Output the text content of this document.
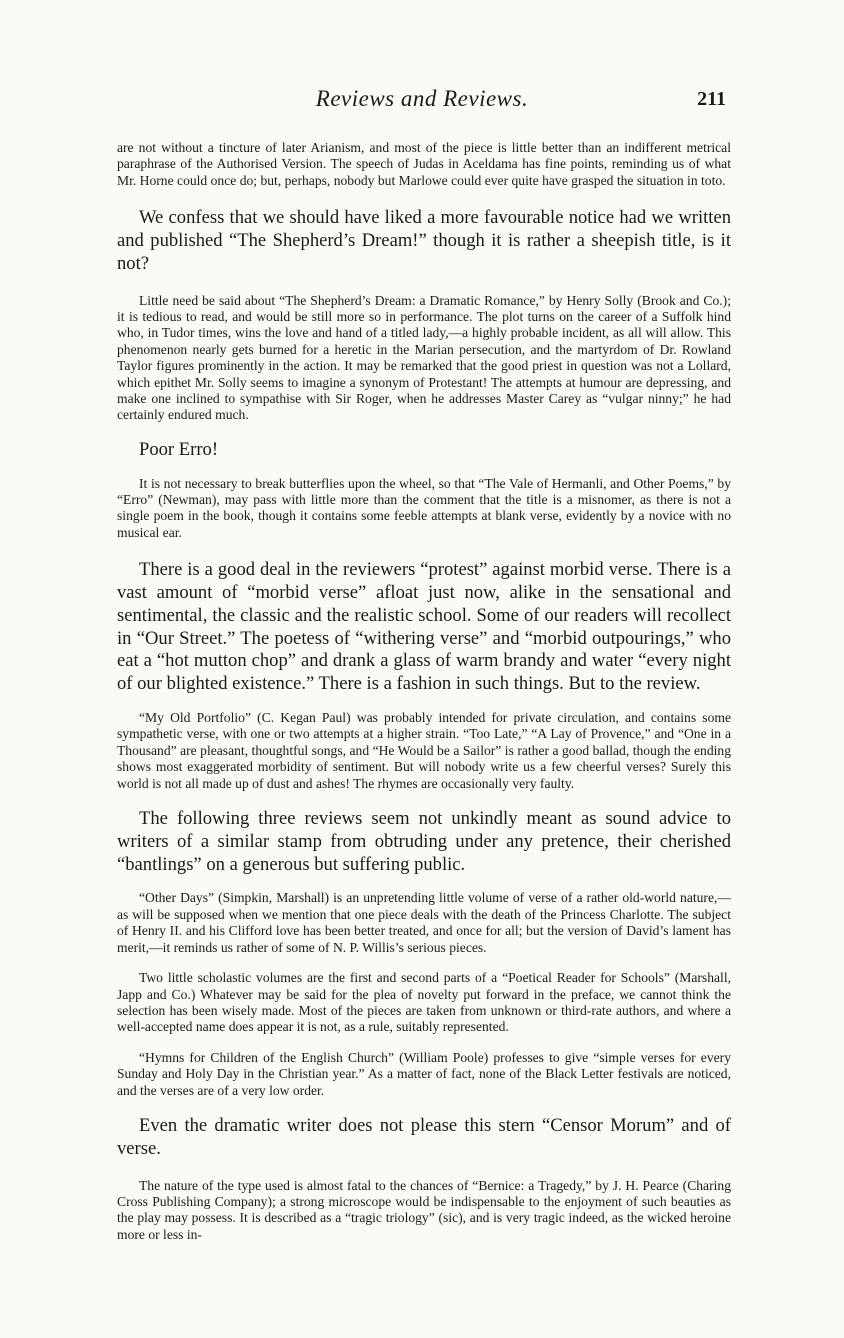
Reviews and Reviews.	211

are not without a tincture of later Arianism, and most of the piece is little better than an indifferent metrical paraphrase of the Authorised Version. The speech of Judas in Aceldama has fine points, reminding us of what Mr. Horne could once do; but, perhaps, nobody but Marlowe could ever quite have grasped the situation in toto.

We confess that we should have liked a more favourable notice had we written and published “The Shepherd’s Dream!” though it is rather a sheepish title, is it not?

Little need be said about “The Shepherd’s Dream: a Dramatic Romance,” by Henry Solly (Brook and Co.); it is tedious to read, and would be still more so in performance. The plot turns on the career of a Suffolk hind who, in Tudor times, wins the love and hand of a titled lady,—a highly probable incident, as all will allow. This phenomenon nearly gets burned for a heretic in the Marian persecution, and the martyrdom of Dr. Rowland Taylor figures prominently in the action. It may be remarked that the good priest in question was not a Lollard, which epithet Mr. Solly seems to imagine a synonym of Protestant! The attempts at humour are depressing, and make one inclined to sympathise with Sir Roger, when he addresses Master Carey as “vulgar ninny;” he had certainly endured much.

Poor Erro!

It is not necessary to break butterflies upon the wheel, so that “The Vale of Hermanli, and Other Poems,” by “Erro” (Newman), may pass with little more than the comment that the title is a misnomer, as there is not a single poem in the book, though it contains some feeble attempts at blank verse, evidently by a novice with no musical ear.

There is a good deal in the reviewers “protest” against morbid verse. There is a vast amount of “morbid verse” afloat just now, alike in the sensational and sentimental, the classic and the realistic school. Some of our readers will recollect in “Our Street.” The poetess of “withering verse” and “morbid outpourings,” who eat a “hot mutton chop” and drank a glass of warm brandy and water “every night of our blighted existence.” There is a fashion in such things. But to the review.

“My Old Portfolio” (C. Kegan Paul) was probably intended for private circulation, and contains some sympathetic verse, with one or two attempts at a higher strain. “Too Late,” “A Lay of Provence,” and “One in a Thousand” are pleasant, thoughtful songs, and “He Would be a Sailor” is rather a good ballad, though the ending shows most exaggerated morbidity of sentiment. But will nobody write us a few cheerful verses? Surely this world is not all made up of dust and ashes! The rhymes are occasionally very faulty.

The following three reviews seem not unkindly meant as sound advice to writers of a similar stamp from obtruding under any pretence, their cherished “bantlings” on a generous but suffering public.

“Other Days” (Simpkin, Marshall) is an unpretending little volume of verse of a rather old-world nature,—as will be supposed when we mention that one piece deals with the death of the Princess Charlotte. The subject of Henry II. and his Clifford love has been better treated, and once for all; but the version of David’s lament has merit,—it reminds us rather of some of N. P. Willis’s serious pieces.

Two little scholastic volumes are the first and second parts of a “Poetical Reader for Schools” (Marshall, Japp and Co.) Whatever may be said for the plea of novelty put forward in the preface, we cannot think the selection has been wisely made. Most of the pieces are taken from unknown or third-rate authors, and where a well-accepted name does appear it is not, as a rule, suitably represented.

“Hymns for Children of the English Church” (William Poole) professes to give “simple verses for every Sunday and Holy Day in the Christian year.” As a matter of fact, none of the Black Letter festivals are noticed, and the verses are of a very low order.

Even the dramatic writer does not please this stern “Censor Morum” and of verse.

The nature of the type used is almost fatal to the chances of “Bernice: a Tragedy,” by J. H. Pearce (Charing Cross Publishing Company); a strong microscope would be indispensable to the enjoyment of such beauties as the play may possess. It is described as a “tragic triology” (sic), and is very tragic indeed, as the wicked heroine more or less in-
